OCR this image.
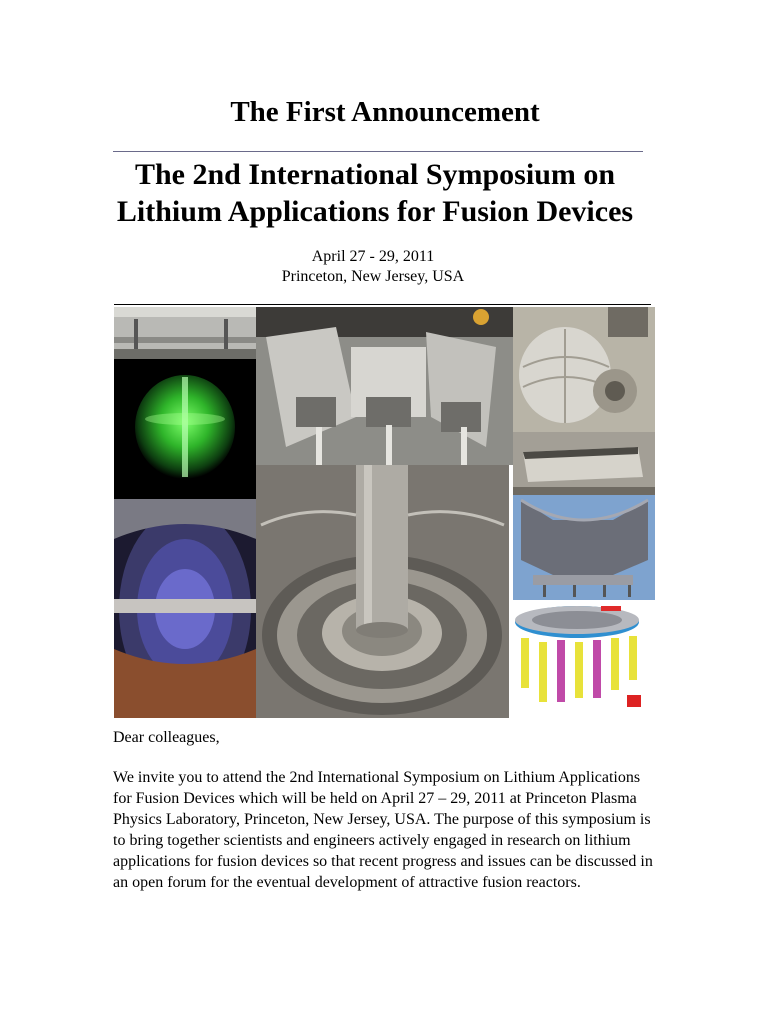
The First Announcement
The 2nd International Symposium on
Lithium Applications for Fusion Devices
April 27 - 29, 2011
Princeton, New Jersey, USA

Dear colleagues,

We invite you to attend the 2nd International Symposium on Lithium Applications for Fusion Devices which will be held on April 27 – 29, 2011 at Princeton Plasma Physics Laboratory, Princeton, New Jersey, USA. The purpose of this symposium is to bring together scientists and engineers actively engaged in research on lithium applications for fusion devices so that recent progress and issues can be discussed in an open forum for the eventual development of attractive fusion reactors.
